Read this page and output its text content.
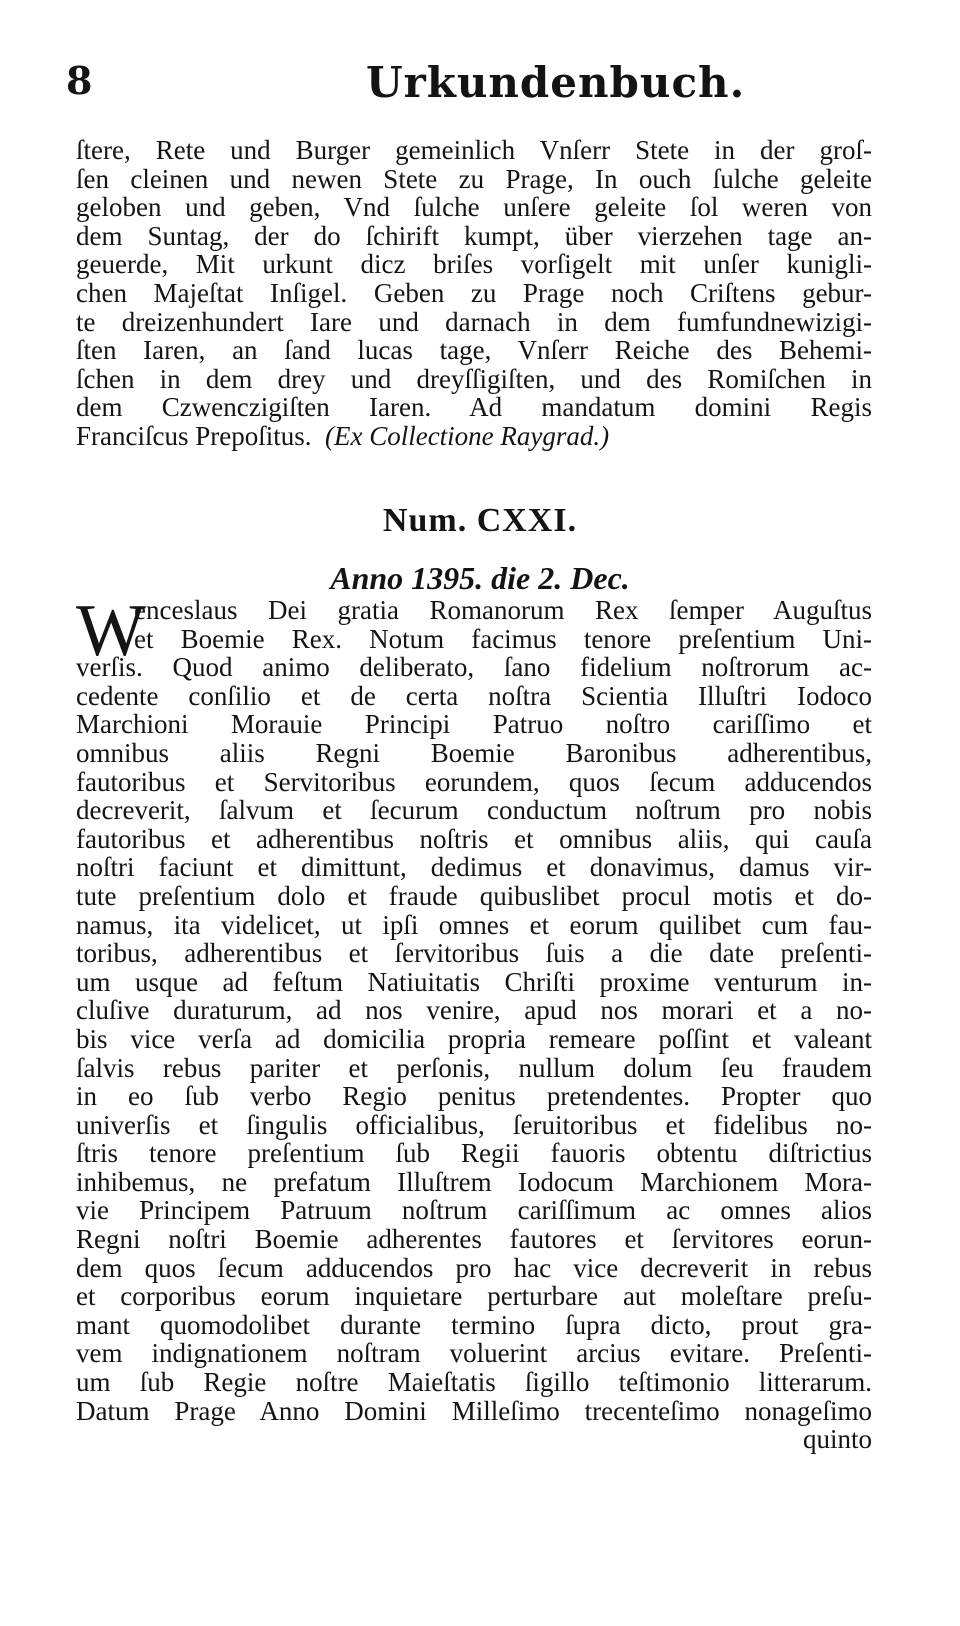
8	Urkundenbuch.
ſtere, Rete und Burger gemeinlich Vnſerr Stete in der groſ-
ſen cleinen und newen Stete zu Prage, In ouch ſulche geleite
geloben und geben, Vnd ſulche unſere geleite ſol weren von
dem Suntag, der do ſchirift kumpt, über vierzehen tage an-
geuerde, Mit urkunt dicz briſes vorſigelt mit unſer kunigli-
chen Majeſtat Inſigel. Geben zu Prage noch Criſtens gebur-
te dreizenhundert Iare und darnach in dem fumfundnewizigi-
ſten Iaren, an ſand lucas tage, Vnſerr Reiche des Behemi-
ſchen in dem drey und dreyſſigiſten, und des Romiſchen in
dem Czwenczigiſten Iaren. Ad mandatum domini Regis
Franciſcus Prepoſitus. (Ex Collectione Raygrad.)
Num. CXXI.
Anno 1395. die 2. Dec.
W
enceslaus Dei gratia Romanorum Rex ſemper Auguſtus
et Boemie Rex. Notum facimus tenore preſentium Uni-
verſis. Quod animo deliberato, ſano fidelium noſtrorum ac-
cedente conſilio et de certa noſtra Scientia Illuſtri Iodoco
Marchioni Morauie Principi Patruo noſtro cariſſimo et
omnibus aliis Regni Boemie Baronibus adherentibus,
fautoribus et Servitoribus eorundem, quos ſecum adducendos
decreverit, ſalvum et ſecurum conductum noſtrum pro nobis
fautoribus et adherentibus noſtris et omnibus aliis, qui cauſa
noſtri faciunt et dimittunt, dedimus et donavimus, damus vir-
tute preſentium dolo et fraude quibuslibet procul motis et do-
namus, ita videlicet, ut ipſi omnes et eorum quilibet cum fau-
toribus, adherentibus et ſervitoribus ſuis a die date preſenti-
um usque ad feſtum Natiuitatis Chriſti proxime venturum in-
cluſive duraturum, ad nos venire, apud nos morari et a no-
bis vice verſa ad domicilia propria remeare poſſint et valeant
ſalvis rebus pariter et perſonis, nullum dolum ſeu fraudem
in eo ſub verbo Regio penitus pretendentes. Propter quo
univerſis et ſingulis officialibus, ſeruitoribus et fidelibus no-
ſtris tenore preſentium ſub Regii fauoris obtentu diſtrictius
inhibemus, ne prefatum Illuſtrem Iodocum Marchionem Mora-
vie Principem Patruum noſtrum cariſſimum ac omnes alios
Regni noſtri Boemie adherentes fautores et ſervitores eorun-
dem quos ſecum adducendos pro hac vice decreverit in rebus
et corporibus eorum inquietare perturbare aut moleſtare preſu-
mant quomodolibet durante termino ſupra dicto, prout gra-
vem indignationem noſtram voluerint arcius evitare. Preſenti-
um ſub Regie noſtre Maieſtatis ſigillo teſtimonio litterarum.
Datum Prage Anno Domini Milleſimo trecenteſimo nonageſimo
quinto
